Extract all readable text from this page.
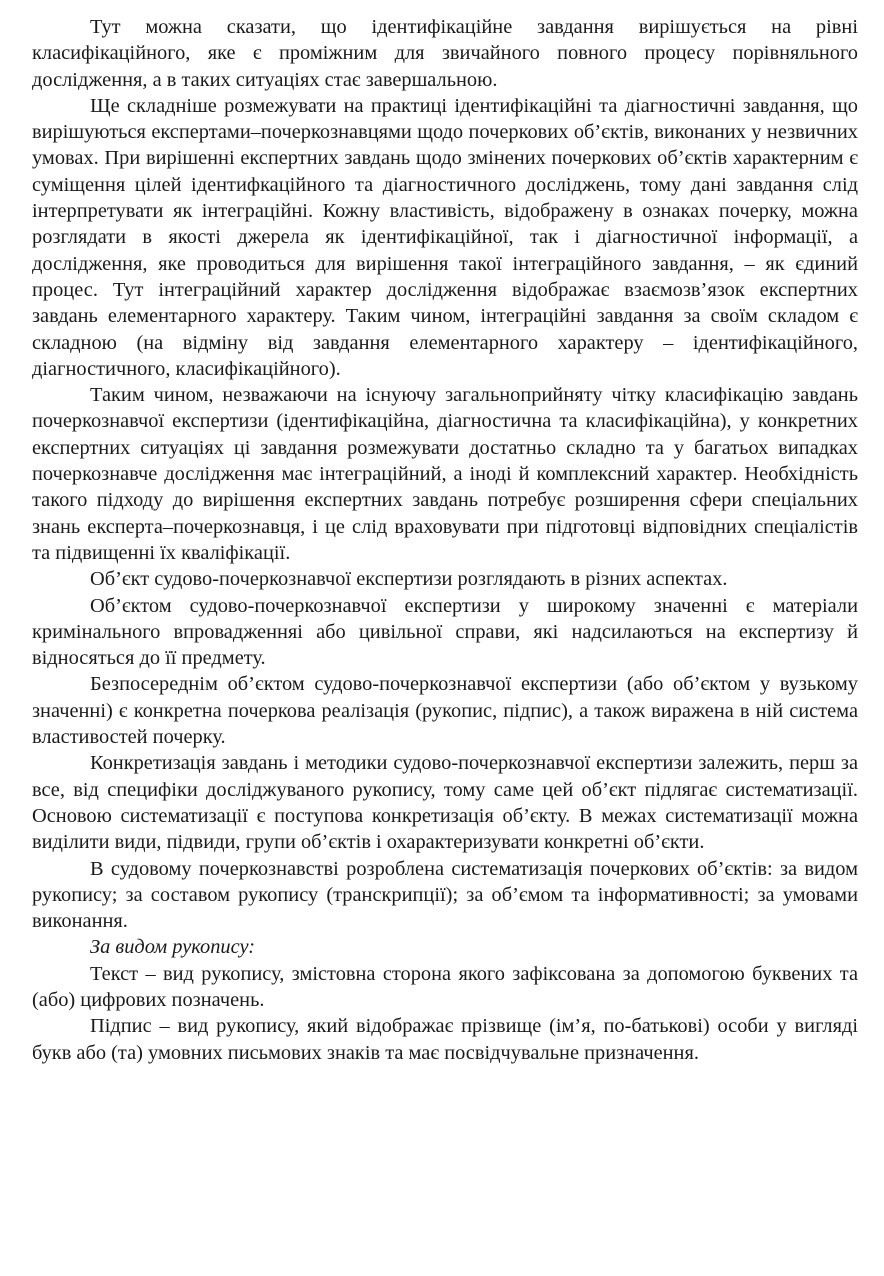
Тут можна сказати, що ідентифікаційне завдання вирішується на рівні класифікаційного, яке є проміжним для звичайного повного процесу порівняльного дослідження, а в таких ситуаціях стає завершальною.

Ще складніше розмежувати на практиці ідентифікаційні та діагностичні завдання, що вирішуються експертами–почеркознавцями щодо почеркових об’єктів, виконаних у незвичних умовах. При вирішенні експертних завдань щодо змінених почеркових об’єктів характерним є суміщення цілей ідентифкаційного та діагностичного досліджень, тому дані завдання слід інтерпретувати як інтеграційні. Кожну властивість, відображену в ознаках почерку, можна розглядати в якості джерела як ідентифікаційної, так і діагностичної інформації, а дослідження, яке проводиться для вирішення такої інтеграційного завдання, – як єдиний процес. Тут інтеграційний характер дослідження відображає взаємозв’язок експертних завдань елементарного характеру. Таким чином, інтеграційні завдання за своїм складом є складною (на відміну від завдання елементарного характеру – ідентифікаційного, діагностичного, класифікаційного).

Таким чином, незважаючи на існуючу загальноприйняту чітку класифікацію завдань почеркознавчої експертизи (ідентифікаційна, діагностична та класифікаційна), у конкретних експертних ситуаціях ці завдання розмежувати достатньо складно та у багатьох випадках почеркознавче дослідження має інтеграційний, а іноді й комплексний характер. Необхідність такого підходу до вирішення експертних завдань потребує розширення сфери спеціальних знань експерта–почеркознавця, і це слід враховувати при підготовці відповідних спеціалістів та підвищенні їх кваліфікації.

Об’єкт судово-почеркознавчої експертизи розглядають в різних аспектах.

Об’єктом судово-почеркознавчої експертизи у широкому значенні є матеріали кримінального впровадженняі або цивільної справи, які надсилаються на експертизу й відносяться до її предмету.

Безпосереднім об’єктом судово-почеркознавчої експертизи (або об’єктом у вузькому значенні) є конкретна почеркова реалізація (рукопис, підпис), а також виражена в ній система властивостей почерку.

Конкретизація завдань і методики судово-почеркознавчої експертизи залежить, перш за все, від специфіки досліджуваного рукопису, тому саме цей об’єкт підлягає систематизації. Основою систематизації є поступова конкретизація об’єкту. В межах систематизації можна виділити види, підвиди, групи об’єктів і охарактеризувати конкретні об’єкти.

В судовому почеркознавстві розроблена систематизація почеркових об’єктів: за видом рукопису; за составом рукопису (транскрипції); за об’ємом та інформативності; за умовами виконання.

За видом рукопису:

Текст – вид рукопису, змістовна сторона якого зафіксована за допомогою буквених та (або) цифрових позначень.

Підпис – вид рукопису, який відображає прізвище (ім’я, по-батькові) особи у вигляді букв або (та) умовних письмових знаків та має посвідчувальне призначення.
